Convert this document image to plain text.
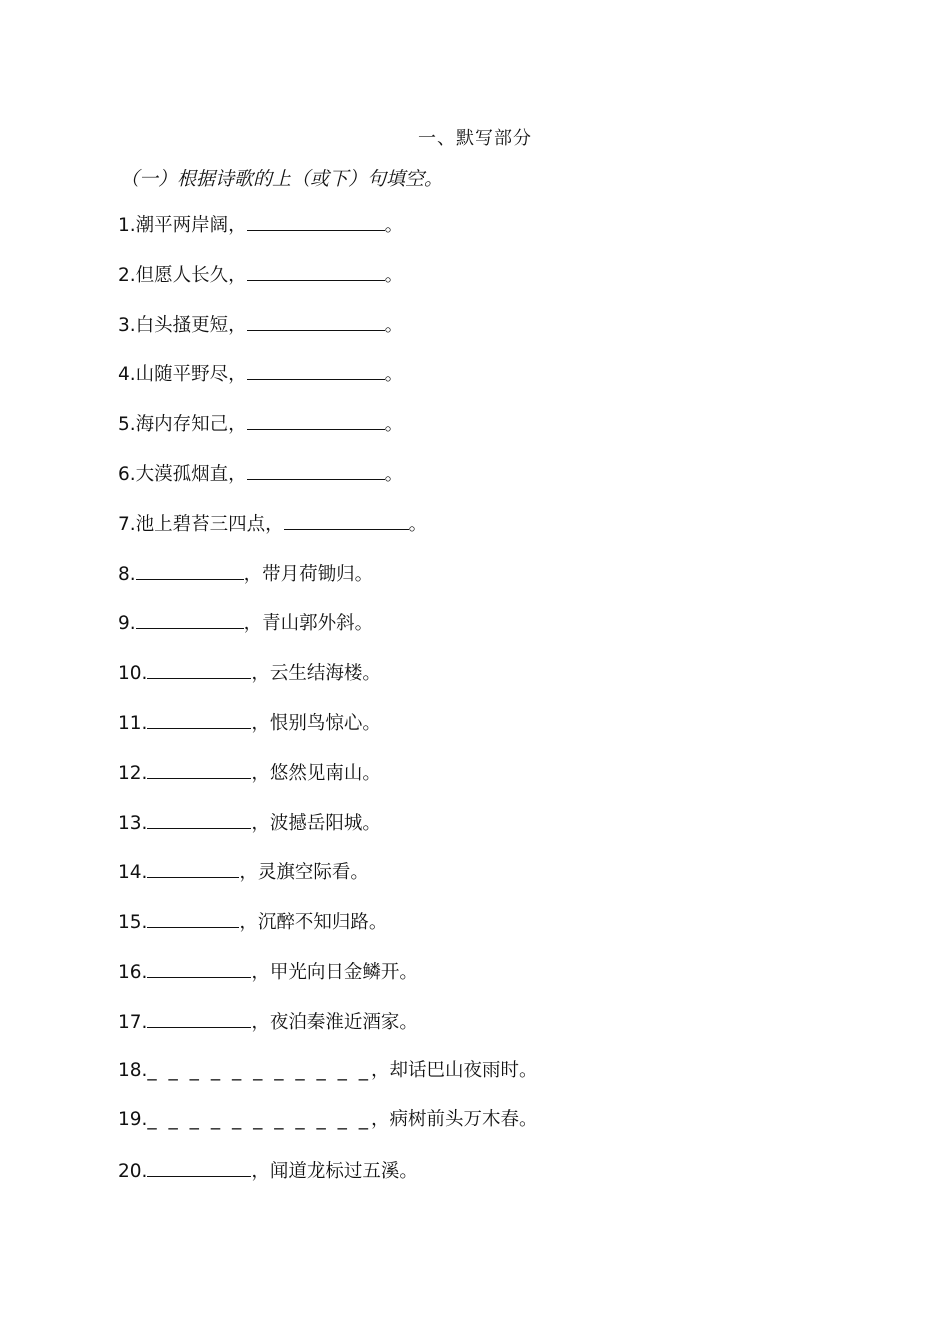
一、默写部分
（一）根据诗歌的上（或下）句填空。
1.潮平两岸阔，	。
2.但愿人长久，	。
3.白头搔更短，	。
4.山随平野尽，	。
5.海内存知己，	。
6.大漠孤烟直，	。
7.池上碧苔三四点，	。
8.	，带月荷锄归。
9.	，青山郭外斜。
10.	，云生结海楼。
11.	，恨别鸟惊心。
12.	，悠然见南山。
13.	，波撼岳阳城。
14.	，灵旗空际看。
15.	，沉醉不知归路。
16.	，甲光向日金鳞开。
17.	，夜泊秦淮近酒家。
18._ _ _ _ _ _ _ _ _ _ _，却话巴山夜雨时。
19._ _ _ _ _ _ _ _ _ _ _，病树前头万木春。
20.	，闻道龙标过五溪。
